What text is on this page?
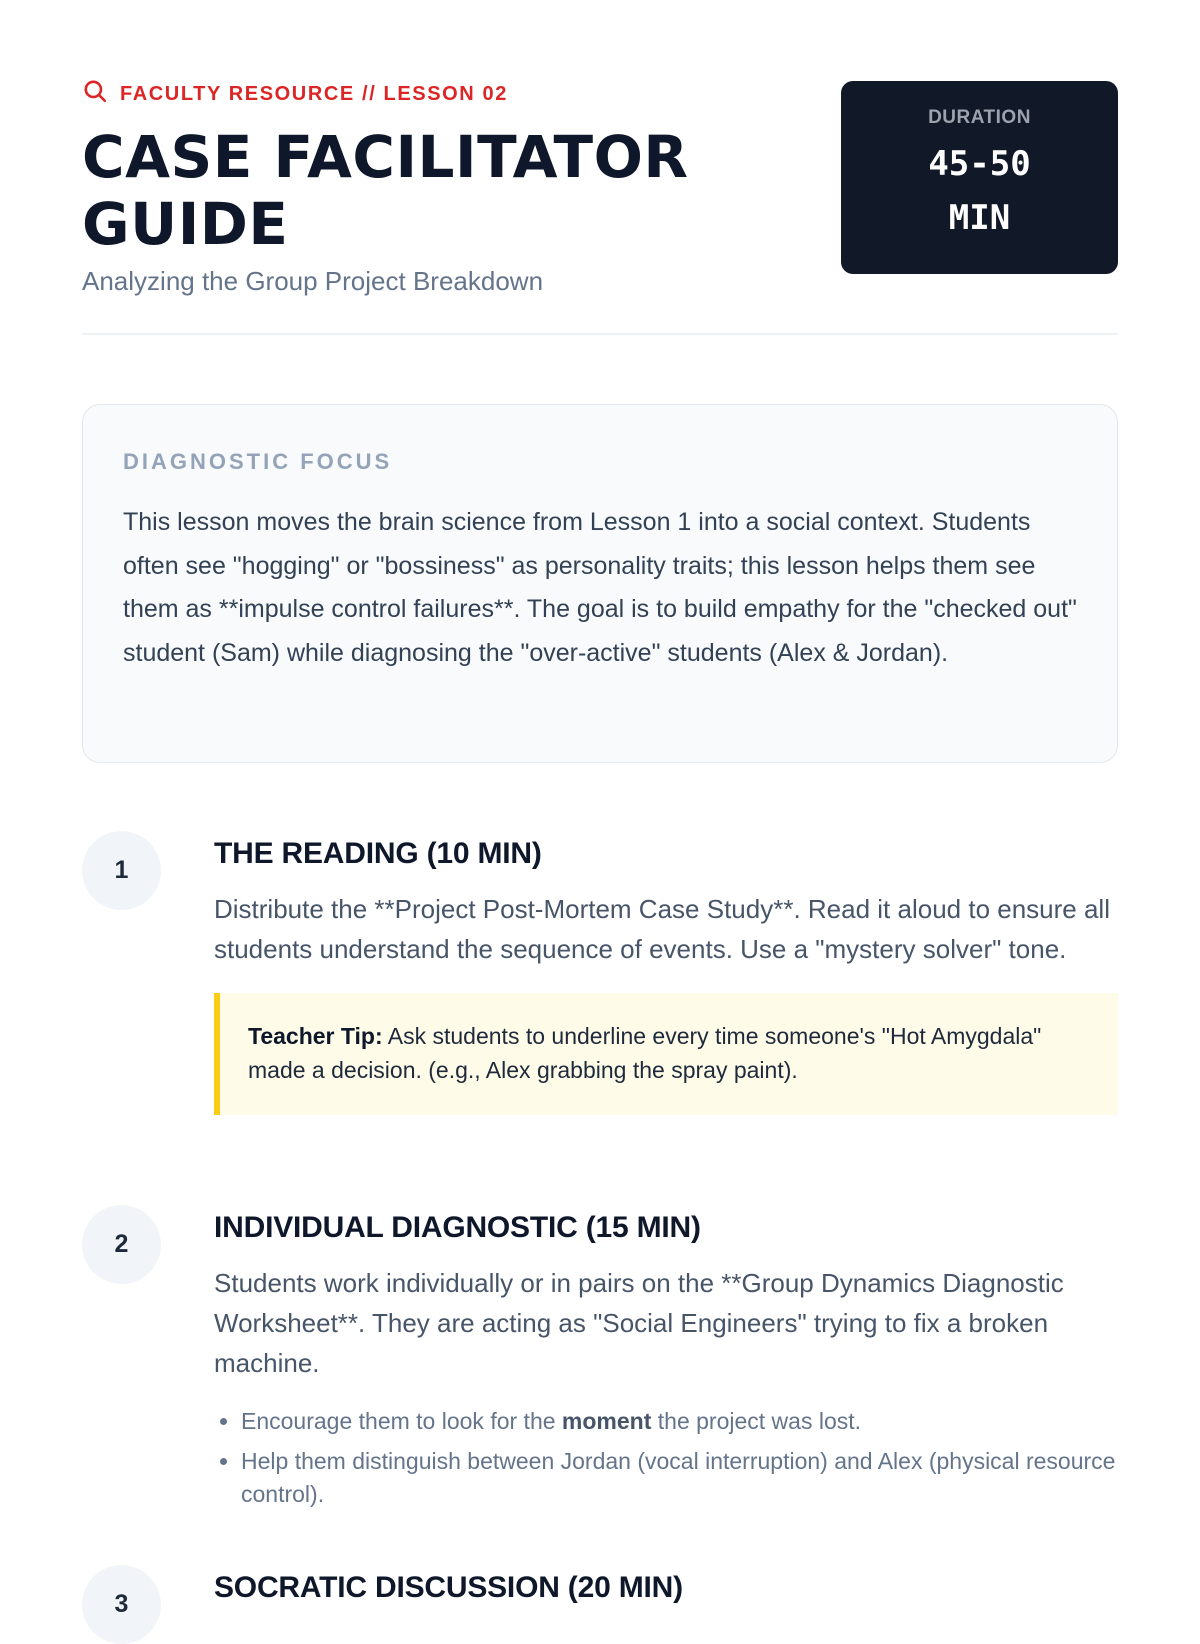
FACULTY RESOURCE // LESSON 02
CASE FACILITATOR GUIDE
Analyzing the Group Project Breakdown
DURATION
45-50 MIN
DIAGNOSTIC FOCUS
This lesson moves the brain science from Lesson 1 into a social context. Students often see "hogging" or "bossiness" as personality traits; this lesson helps them see them as **impulse control failures**. The goal is to build empathy for the "checked out" student (Sam) while diagnosing the "over-active" students (Alex & Jordan).
1	THE READING (10 MIN)
Distribute the **Project Post-Mortem Case Study**. Read it aloud to ensure all students understand the sequence of events. Use a "mystery solver" tone.
Teacher Tip: Ask students to underline every time someone's "Hot Amygdala" made a decision. (e.g., Alex grabbing the spray paint).
2	INDIVIDUAL DIAGNOSTIC (15 MIN)
Students work individually or in pairs on the **Group Dynamics Diagnostic Worksheet**. They are acting as "Social Engineers" trying to fix a broken machine.
• Encourage them to look for the moment the project was lost.
• Help them distinguish between Jordan (vocal interruption) and Alex (physical resource control).
3	SOCRATIC DISCUSSION (20 MIN)
